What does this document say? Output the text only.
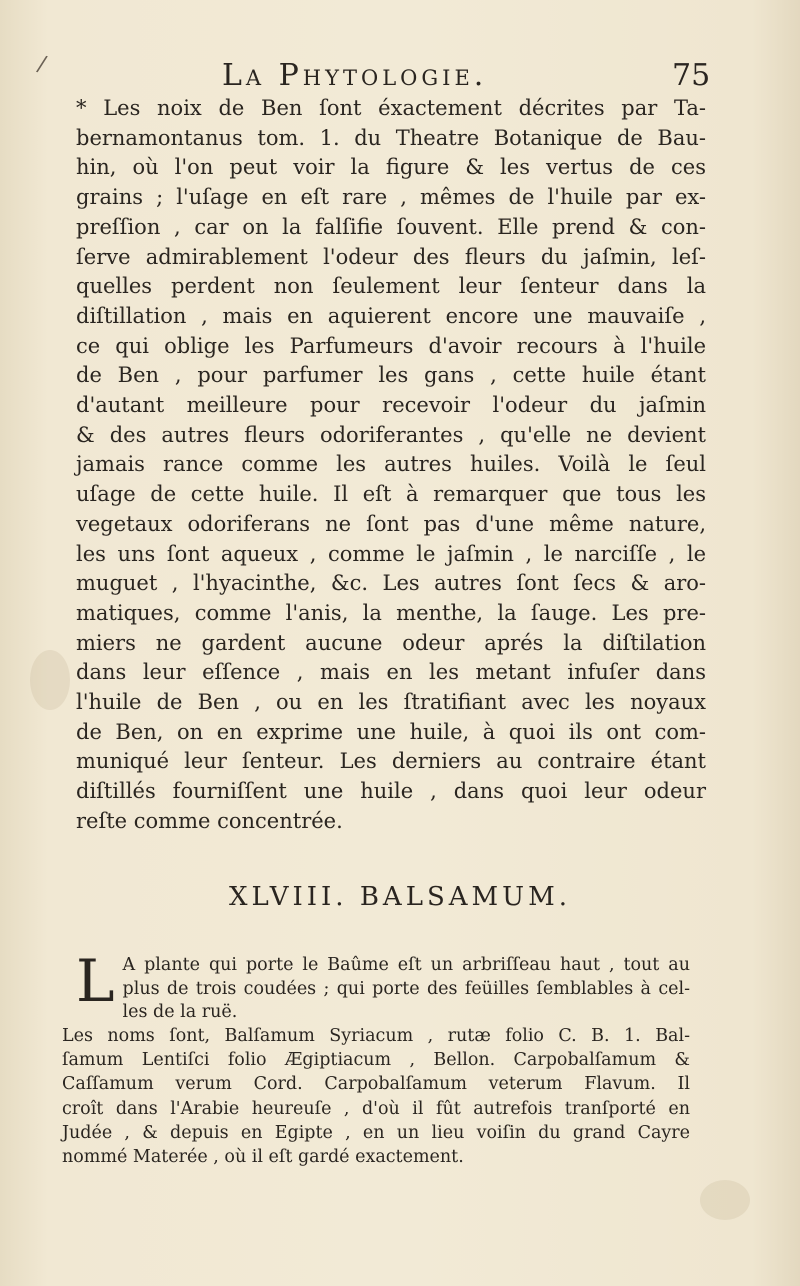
/	La Phytologie.	75
* Les noix de Ben ſont éxactement décrites par Ta-
bernamontanus tom. 1. du Theatre Botanique de Bau-
hin, où l'on peut voir la figure & les vertus de ces
grains ; l'uſage en eſt rare , mêmes de l'huile par ex-
preſſion , car on la falſifie ſouvent. Elle prend & con-
ſerve admirablement l'odeur des fleurs du jaſmin, leſ-
quelles perdent non ſeulement leur ſenteur dans la
diſtillation , mais en aquierent encore une mauvaiſe ,
ce qui oblige les Parfumeurs d'avoir recours à l'huile
de Ben , pour parfumer les gans , cette huile étant
d'autant meilleure pour recevoir l'odeur du jaſmin
& des autres fleurs odoriferantes , qu'elle ne devient
jamais rance comme les autres huiles. Voilà le ſeul
uſage de cette huile. Il eſt à remarquer que tous les
vegetaux odoriferans ne ſont pas d'une même nature,
les uns ſont aqueux , comme le jaſmin , le narciſſe , le
muguet , l'hyacinthe, &c. Les autres ſont ſecs & aro-
matiques, comme l'anis, la menthe, la ſauge. Les pre-
miers ne gardent aucune odeur aprés la diſtilation
dans leur eſſence , mais en les metant infuſer dans
l'huile de Ben , ou en les ſtratifiant avec les noyaux
de Ben, on en exprime une huile, à quoi ils ont com-
muniqué leur ſenteur. Les derniers au contraire étant
diſtillés fourniſſent une huile , dans quoi leur odeur
reſte comme concentrée.
XLVIII. BALSAMUM.
L A plante qui porte le Baûme eſt un arbriſſeau haut , tout au
plus de trois coudées ; qui porte des feüilles ſemblables à cel-
les de la ruë.
Les noms ſont, Balſamum Syriacum , rutæ folio C. B. 1. Bal-
ſamum Lentiſci folio Ægiptiacum , Bellon. Carpobalſamum &
Caſſamum verum Cord. Carpobalſamum veterum Flavum. Il
croît dans l'Arabie heureuſe , d'où il fût autrefois tranſporté en
Judée , & depuis en Egipte , en un lieu voiſin du grand Cayre
nommé Materée , où il eſt gardé exactement.
